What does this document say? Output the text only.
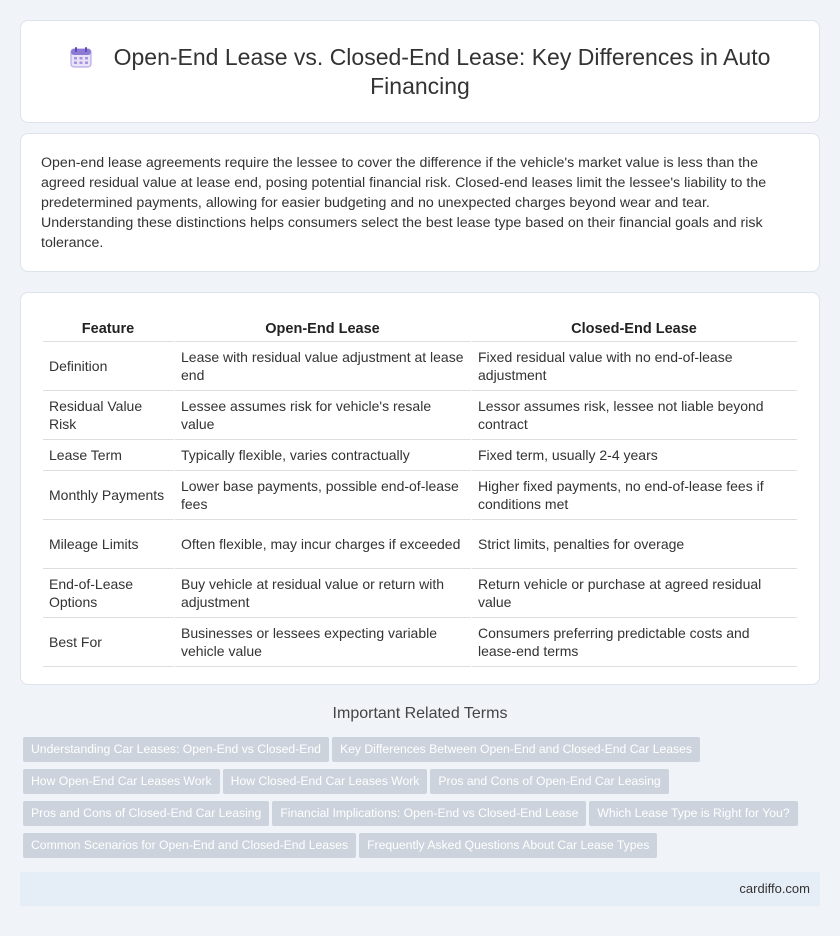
Open-End Lease vs. Closed-End Lease: Key Differences in Auto Financing

Open-end lease agreements require the lessee to cover the difference if the vehicle's market value is less than the agreed residual value at lease end, posing potential financial risk. Closed-end leases limit the lessee's liability to the predetermined payments, allowing for easier budgeting and no unexpected charges beyond wear and tear. Understanding these distinctions helps consumers select the best lease type based on their financial goals and risk tolerance.

Feature	Open-End Lease	Closed-End Lease
Definition	Lease with residual value adjustment at lease end	Fixed residual value with no end-of-lease adjustment
Residual Value Risk	Lessee assumes risk for vehicle's resale value	Lessor assumes risk, lessee not liable beyond contract
Lease Term	Typically flexible, varies contractually	Fixed term, usually 2-4 years
Monthly Payments	Lower base payments, possible end-of-lease fees	Higher fixed payments, no end-of-lease fees if conditions met
Mileage Limits	Often flexible, may incur charges if exceeded	Strict limits, penalties for overage
End-of-Lease Options	Buy vehicle at residual value or return with adjustment	Return vehicle or purchase at agreed residual value
Best For	Businesses or lessees expecting variable vehicle value	Consumers preferring predictable costs and lease-end terms
Important Related Terms
Understanding Car Leases: Open-End vs Closed-End Key Differences Between Open-End and Closed-End Car Leases
How Open-End Car Leases Work How Closed-End Car Leases Work Pros and Cons of Open-End Car Leasing
Pros and Cons of Closed-End Car Leasing Financial Implications: Open-End vs Closed-End Lease Which Lease Type is Right for You?
Common Scenarios for Open-End and Closed-End Leases Frequently Asked Questions About Car Lease Types
cardiffo.com
